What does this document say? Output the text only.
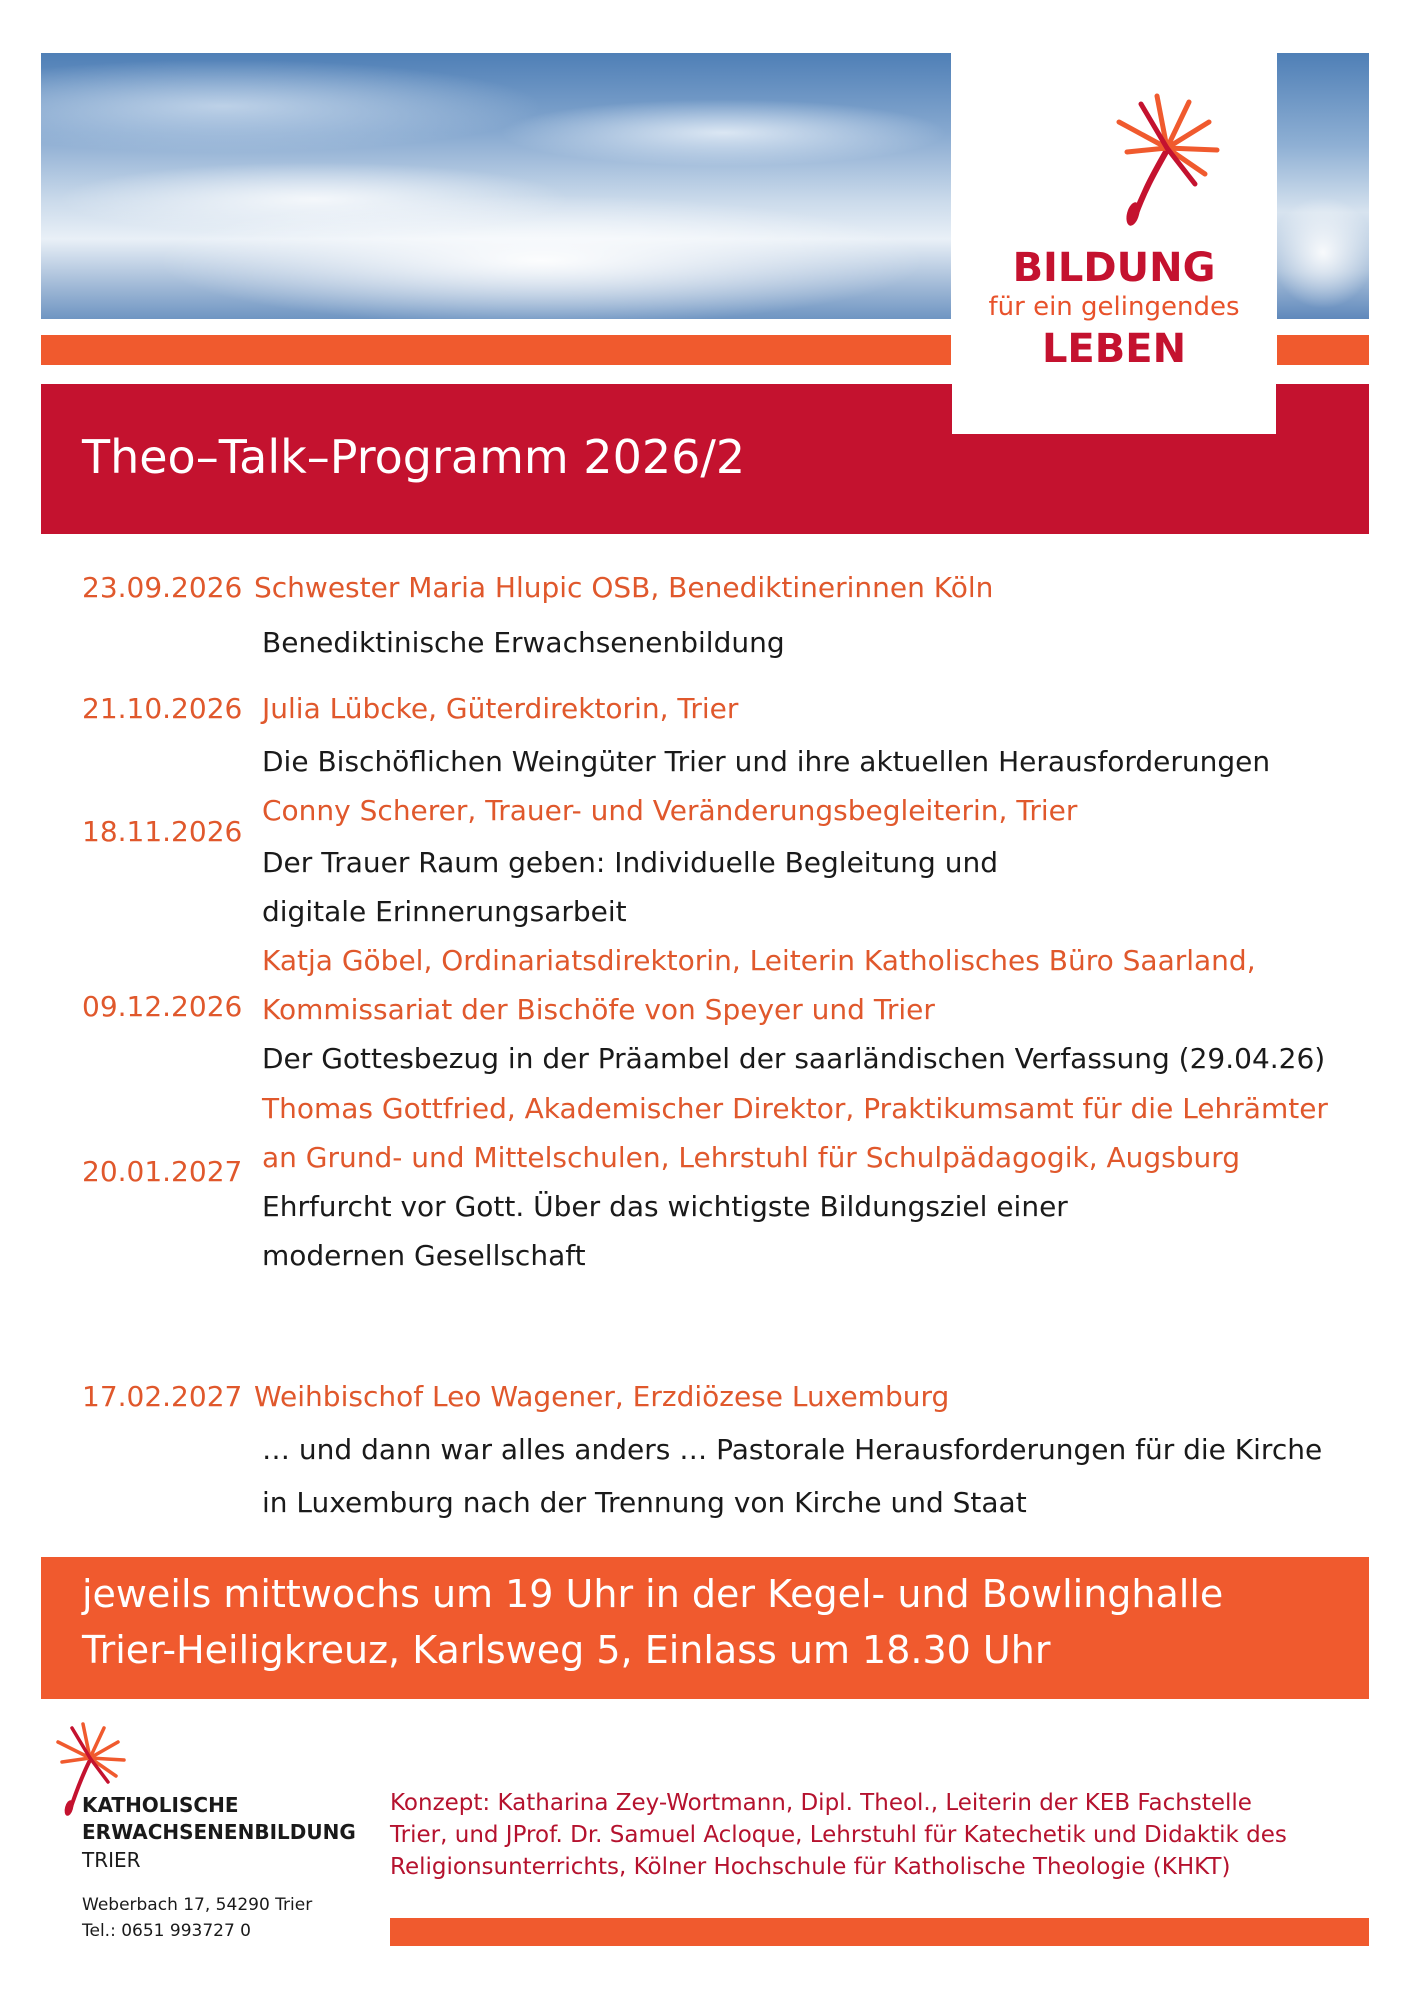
Theo–Talk–Programm 2026/2
BILDUNG
für ein gelingendes
LEBEN
23.09.2026 Schwester Maria Hlupic OSB, Benediktinerinnen Köln
Benediktinische Erwachsenenbildung
21.10.2026 Julia Lübcke, Güterdirektorin, Trier
Die Bischöflichen Weingüter Trier und ihre aktuellen Herausforderungen
Conny Scherer, Trauer- und Veränderungsbegleiterin, Trier
18.11.2026
Der Trauer Raum geben: Individuelle Begleitung und
digitale Erinnerungsarbeit
Katja Göbel, Ordinariatsdirektorin, Leiterin Katholisches Büro Saarland,
09.12.2026 Kommissariat der Bischöfe von Speyer und Trier
Der Gottesbezug in der Präambel der saarländischen Verfassung (29.04.26)
Thomas Gottfried, Akademischer Direktor, Praktikumsamt für die Lehrämter
an Grund- und Mittelschulen, Lehrstuhl für Schulpädagogik, Augsburg
20.01.2027
Ehrfurcht vor Gott. Über das wichtigste Bildungsziel einer
modernen Gesellschaft
17.02.2027 Weihbischof Leo Wagener, Erzdiözese Luxemburg
… und dann war alles anders … Pastorale Herausforderungen für die Kirche
in Luxemburg nach der Trennung von Kirche und Staat
jeweils mittwochs um 19 Uhr in der Kegel- und Bowlinghalle
Trier-Heiligkreuz, Karlsweg 5, Einlass um 18.30 Uhr
KATHOLISCHE
ERWACHSENENBILDUNG
TRIER
Weberbach 17, 54290 Trier
Tel.: 0651 993727 0
Konzept: Katharina Zey-Wortmann, Dipl. Theol., Leiterin der KEB Fachstelle
Trier, und JProf. Dr. Samuel Acloque, Lehrstuhl für Katechetik und Didaktik des
Religionsunterrichts, Kölner Hochschule für Katholische Theologie (KHKT)
